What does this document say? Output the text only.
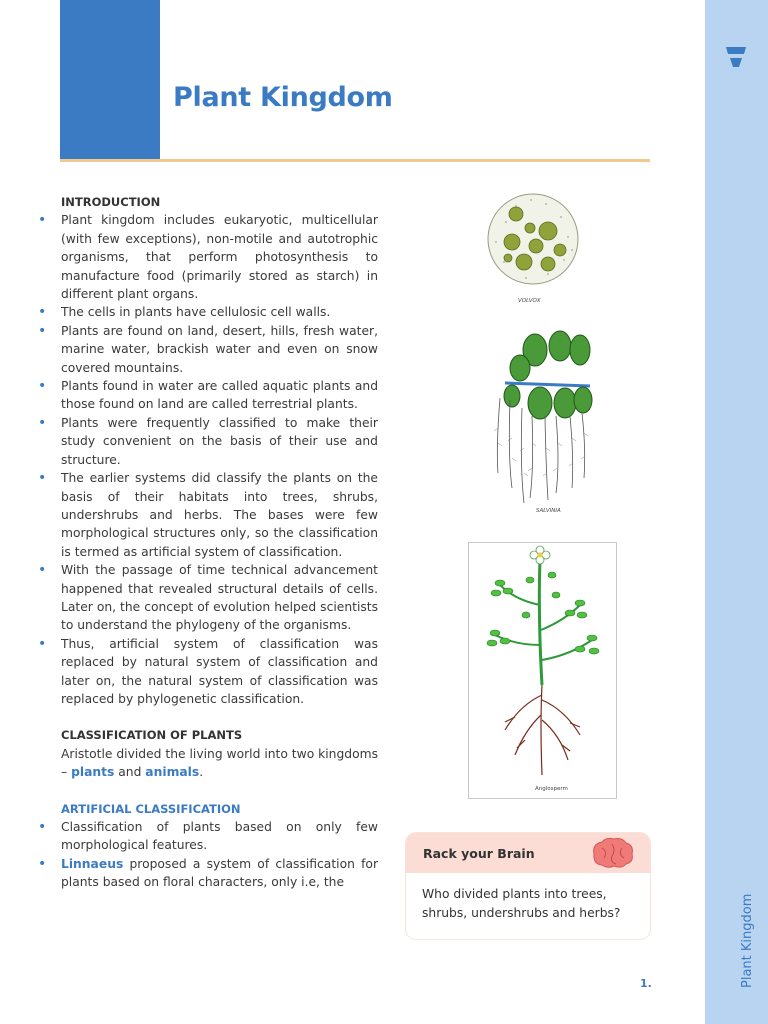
Plant Kingdom
Plant Kingdom
INTRODUCTION
• Plant kingdom includes eukaryotic, multicellular (with few exceptions), non-motile and autotrophic organisms, that perform photosynthesis to manufacture food (primarily stored as starch) in different plant organs.
• The cells in plants have cellulosic cell walls.
• Plants are found on land, desert, hills, fresh water, marine water, brackish water and even on snow covered mountains.
• Plants found in water are called aquatic plants and those found on land are called terrestrial plants.
• Plants were frequently classified to make their study convenient on the basis of their use and structure.
• The earlier systems did classify the plants on the basis of their habitats into trees, shrubs, undershrubs and herbs. The bases were few morphological structures only, so the classification is termed as artificial system of classification.
• With the passage of time technical advancement happened that revealed structural details of cells. Later on, the concept of evolution helped scientists to understand the phylogeny of the organisms.
• Thus, artificial system of classification was replaced by natural system of classification and later on, the natural system of classification was replaced by phylogenetic classification.
CLASSIFICATION OF PLANTS
Aristotle divided the living world into two kingdoms – plants and animals.
ARTIFICIAL CLASSIFICATION
• Classification of plants based on only few morphological features.
• Linnaeus proposed a system of classification for plants based on floral characters, only i.e, the
VOLVOX
SALVINIA
Angiosperm
Rack your Brain
Who divided plants into trees, shrubs, undershrubs and herbs?
1.
